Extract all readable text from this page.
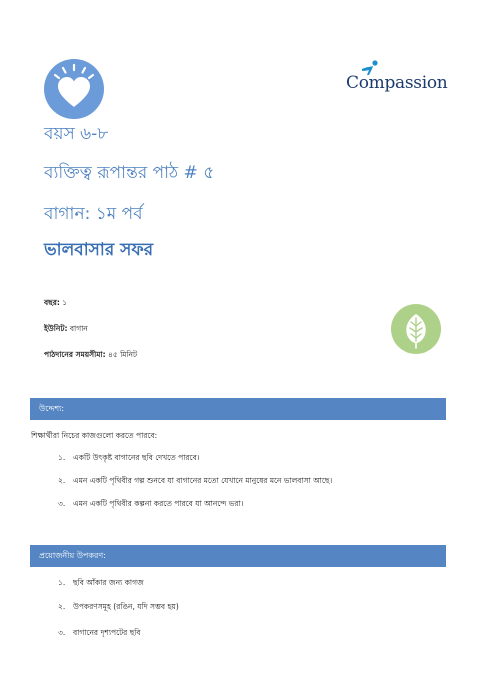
Compassion
বয়স ৬-৮
ব্যক্তিত্ব রূপান্তর পাঠ # ৫
বাগান: ১ম পর্ব
ভালবাসার সফর
বছর: ১
ইউনিট: বাগান
পাঠদানের সময়সীমা: ৪৫ মিনিট
উদ্দেশ্য:
শিক্ষার্থীরা নিচের কাজগুলো করতে পারবে:
১. একটি উৎকৃষ্ট বাগানের ছবি দেখতে পারবে।
২. এমন একটি পৃথিবীর গল্প শুনবে যা বাগানের মতো যেখানে মানুষের মনে ভালবাসা আছে।
৩. এমন একটি পৃথিবীর কল্পনা করতে পারবে যা আনন্দে ভরা।
প্রয়োজনীয় উপকরণ:
১. ছবি আঁকার জন্য কাগজ
২. উপকরণসমূহ (রঙিন, যদি সম্ভব হয়)
৩. বাগানের দৃশ্যপটের ছবি
